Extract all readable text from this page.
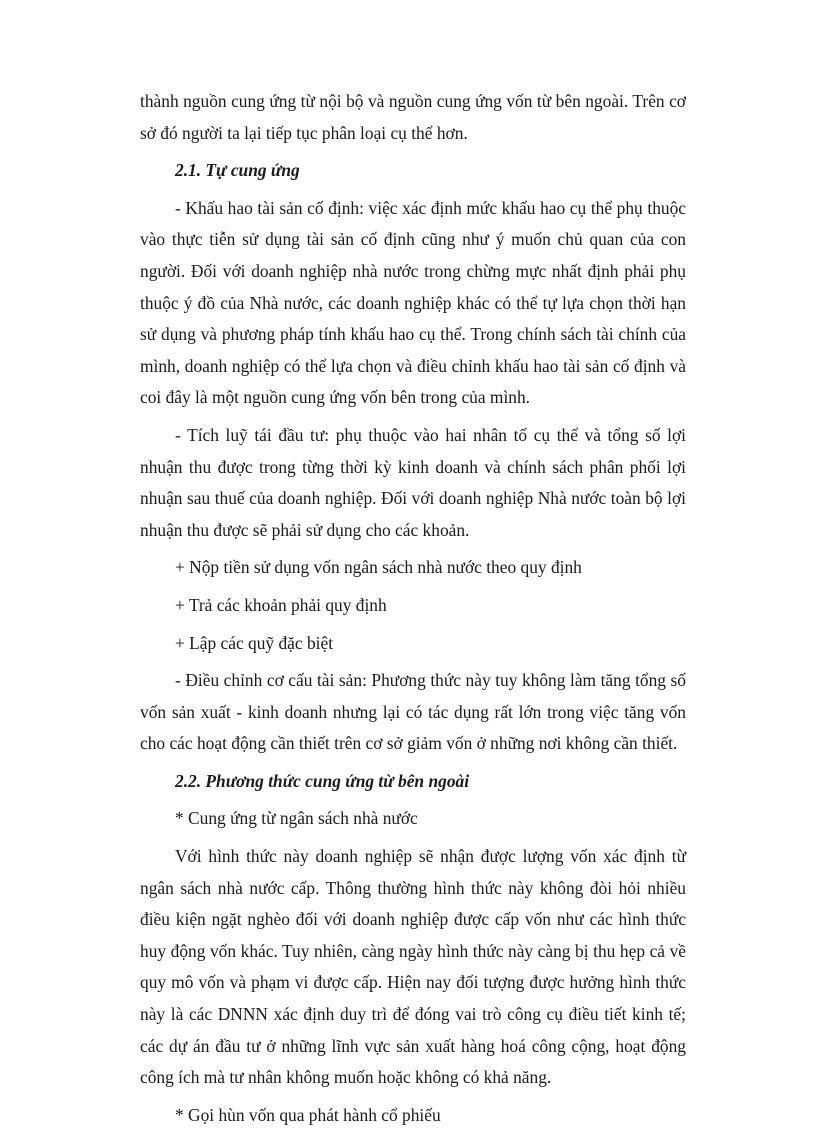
thành nguồn cung ứng từ nội bộ và nguồn cung ứng vốn từ bên ngoài. Trên cơ sở đó người ta lại tiếp tục phân loại cụ thể hơn.

2.1. Tự cung ứng

- Khấu hao tài sản cố định: việc xác định mức khấu hao cụ thể phụ thuộc vào thực tiễn sử dụng tài sản cố định cũng như ý muốn chủ quan của con người. Đối với doanh nghiệp nhà nước trong chừng mực nhất định phải phụ thuộc ý đồ của Nhà nước, các doanh nghiệp khác có thể tự lựa chọn thời hạn sử dụng và phương pháp tính khấu hao cụ thể. Trong chính sách tài chính của mình, doanh nghiệp có thể lựa chọn và điều chỉnh khấu hao tài sản cố định và coi đây là một nguồn cung ứng vốn bên trong của mình.

- Tích luỹ tái đầu tư: phụ thuộc vào hai nhân tố cụ thể và tổng số lợi nhuận thu được trong từng thời kỳ kinh doanh và chính sách phân phối lợi nhuận sau thuế của doanh nghiệp. Đối với doanh nghiệp Nhà nước toàn bộ lợi nhuận thu được sẽ phải sử dụng cho các khoản.

+ Nộp tiền sử dụng vốn ngân sách nhà nước theo quy định

+ Trả các khoản phải quy định

+ Lập các quỹ đặc biệt

- Điều chỉnh cơ cấu tài sản: Phương thức này tuy không làm tăng tổng số vốn sản xuất - kinh doanh nhưng lại có tác dụng rất lớn trong việc tăng vốn cho các hoạt động cần thiết trên cơ sở giảm vốn ở những nơi không cần thiết.

2.2. Phương thức cung ứng từ bên ngoài

* Cung ứng từ ngân sách nhà nước

Với hình thức này doanh nghiệp sẽ nhận được lượng vốn xác định từ ngân sách nhà nước cấp. Thông thường hình thức này không đòi hỏi nhiều điều kiện ngặt nghèo đối với doanh nghiệp được cấp vốn như các hình thức huy động vốn khác. Tuy nhiên, càng ngày hình thức này càng bị thu hẹp cả về quy mô vốn và phạm vi được cấp. Hiện nay đối tượng được hưởng hình thức này là các DNNN xác định duy trì để đóng vai trò công cụ điều tiết kinh tế; các dự án đầu tư ở những lĩnh vực sản xuất hàng hoá công cộng, hoạt động công ích mà tư nhân không muốn hoặc không có khả năng.

* Gọi hùn vốn qua phát hành cổ phiếu
